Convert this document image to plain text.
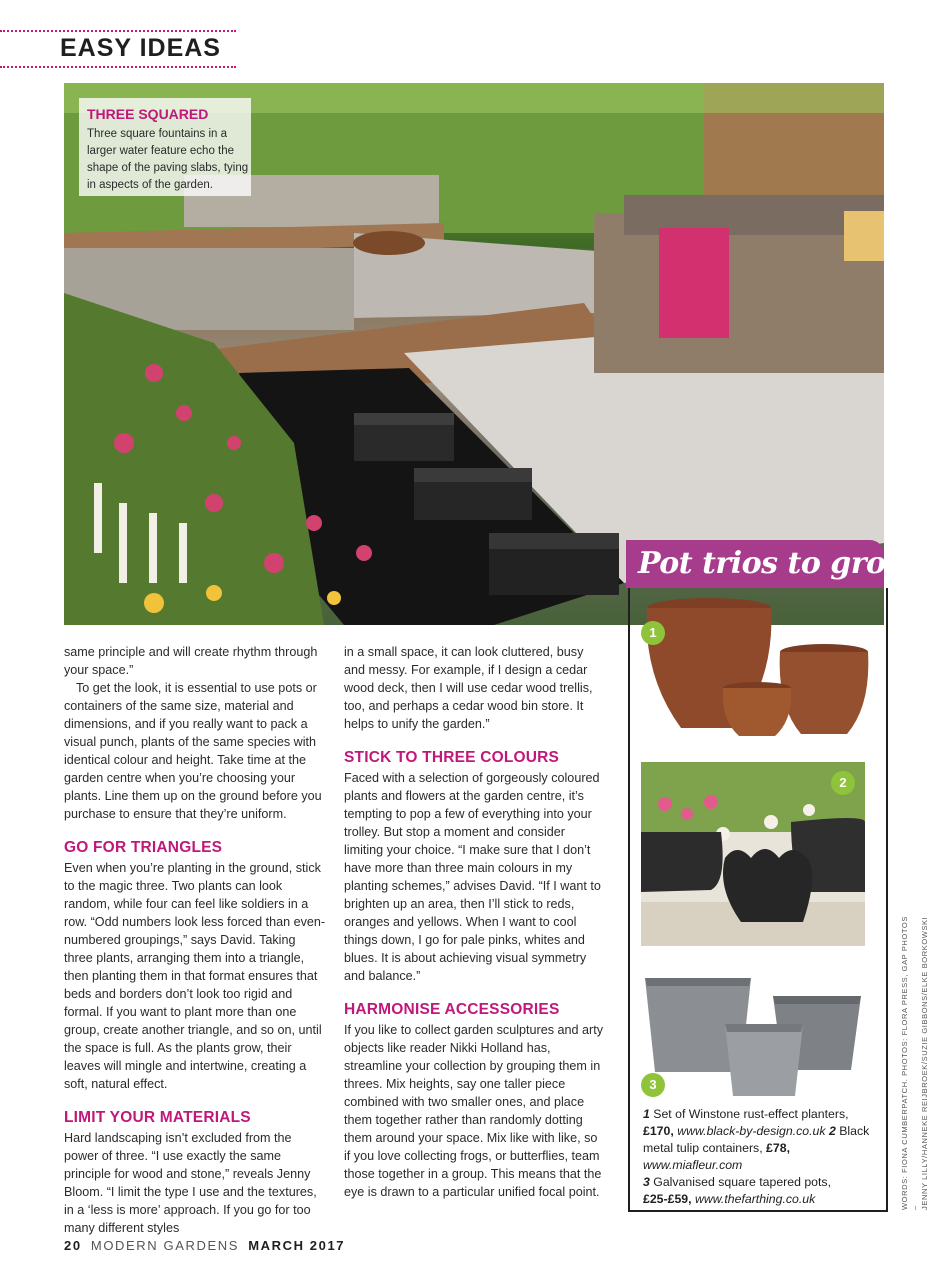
EASY IDEAS
THREE SQUARED
Three square fountains in a larger water feature echo the shape of the paving slabs, tying in aspects of the garden.

same principle and will create rhythm through your space.”

To get the look, it is essential to use pots or containers of the same size, material and dimensions, and if you really want to pack a visual punch, plants of the same species with identical colour and height. Take time at the garden centre when you’re choosing your plants. Line them up on the ground before you purchase to ensure that they’re uniform.

GO FOR TRIANGLES

Even when you’re planting in the ground, stick to the magic three. Two plants can look random, while four can feel like soldiers in a row. “Odd numbers look less forced than even-numbered groupings,” says David. Taking three plants, arranging them into a triangle, then planting them in that format ensures that beds and borders don’t look too rigid and formal. If you want to plant more than one group, create another triangle, and so on, until the space is full. As the plants grow, their leaves will mingle and intertwine, creating a soft, natural effect.

LIMIT YOUR MATERIALS

Hard landscaping isn’t excluded from the power of three. “I use exactly the same principle for wood and stone,” reveals Jenny Bloom. “I limit the type I use and the textures, in a ‘less is more’ approach. If you go for too many different styles

in a small space, it can look cluttered, busy and messy. For example, if I design a cedar wood deck, then I will use cedar wood trellis, too, and perhaps a cedar wood bin store. It helps to unify the garden.”

STICK TO THREE COLOURS

Faced with a selection of gorgeously coloured plants and flowers at the garden centre, it’s tempting to pop a few of everything into your trolley. But stop a moment and consider limiting your choice. “I make sure that I don’t have more than three main colours in my planting schemes,” advises David. “If I want to brighten up an area, then I’ll stick to reds, oranges and yellows. When I want to cool things down, I go for pale pinks, whites and blues. It is about achieving visual symmetry and balance.”

HARMONISE ACCESSORIES

If you like to collect garden sculptures and arty objects like reader Nikki Holland has, streamline your collection by grouping them in threes. Mix heights, say one taller piece combined with two smaller ones, and place them together rather than randomly dotting them around your space. Mix like with like, so if you love collecting frogs, or butterflies, team those together in a group. This means that the eye is drawn to a particular unified focal point.

Pot trios to group
1
2
3
1 Set of Winstone rust-effect planters, £170, www.black-by-design.co.uk 2 Black metal tulip containers, £78, www.miafleur.com
3 Galvanised square tapered pots,
£25-£59, www.thefarthing.co.uk	WORDS: FIONA CUMBERPATCH. PHOTOS: FLORA PRESS, GAP PHOTOS – JENNY LILLY/HANNEKE REIJBROEK/SUZIE GIBBONS/ELKE BORKOWSKI
20 MODERN GARDENS MARCH 2017
